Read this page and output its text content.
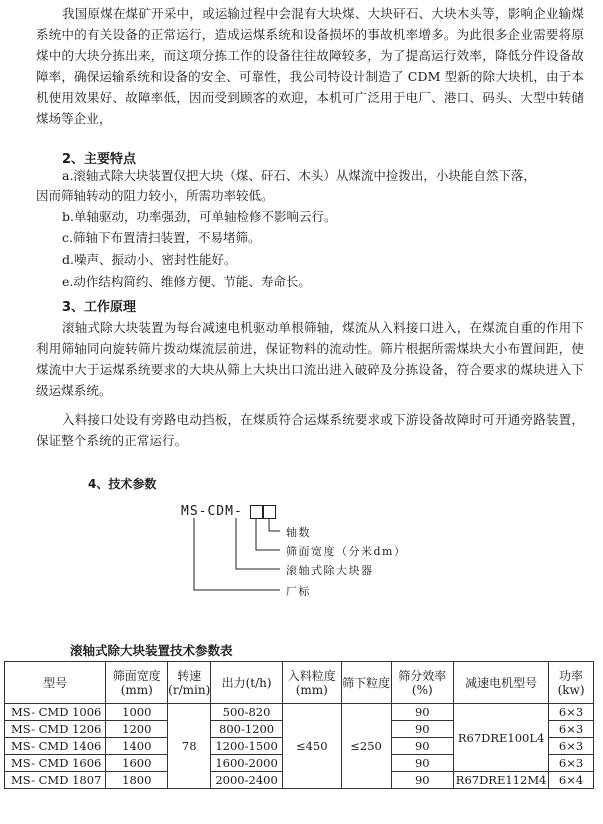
我国原煤在煤矿开采中，或运输过程中会混有大块煤、大块矸石、大块木头等，影响企业输煤系统中的有关设备的正常运行，造成运煤系统和设备损坏的事故机率增多。为此很多企业需要将原煤中的大块分拣出来，而这项分拣工作的设备往往故障较多，为了提高运行效率，降低分件设备故障率，确保运输系统和设备的安全、可靠性，我公司特设计制造了 CDM 型新的除大块机，由于本机使用效果好、故障率低，因而受到顾客的欢迎，本机可广泛用于电厂、港口、码头、大型中转储煤场等企业，
2、主要特点
a.滚轴式除大块装置仅把大块（煤、矸石、木头）从煤流中捡拨出，小块能自然下落，
因而筛轴转动的阻力较小，所需功率较低。
b.单轴驱动，功率强劲，可单轴检修不影响云行。
c.筛轴下布置清扫装置，不易堵筛。
d.噪声、振动小、密封性能好。
e.动作结构简约、维修方便、节能、寿命长。
3、工作原理
滚轴式除大块装置为每台减速电机驱动单根筛轴，煤流从入料接口进入，在煤流自重的作用下利用筛轴同向旋转筛片拨动煤流层前进，保证物料的流动性。筛片根据所需煤块大小布置间距，使煤流中大于运煤系统要求的大块从筛上大块出口流出进入破碎及分拣设备，符合要求的煤块进入下级运煤系统。
入料接口处设有旁路电动挡板，在煤质符合运煤系统要求或下游设备故障时可开通旁路装置，保证整个系统的正常运行。
4、技术参数
MS-CDM-
轴数
筛面宽度（分米dm）
滚轴式除大块器
厂标
滚轴式除大块装置技术参数表
型号	筛面宽度(mm)	转速(r/min)	出力(t/h)	入料粒度(mm)	筛下粒度	筛分效率(%)	减速电机型号	功率(kw)
MS- CMD 1006	1000	78	500-820	≤450	≤250	90	R67DRE100L4	6×3
MS- CMD 1206	1200		800-1200			90		6×3
MS- CMD 1406	1400		1200-1500			90		6×3
MS- CMD 1606	1600		1600-2000			90		6×3
MS- CMD 1807	1800		2000-2400			90	R67DRE112M4	6×4
